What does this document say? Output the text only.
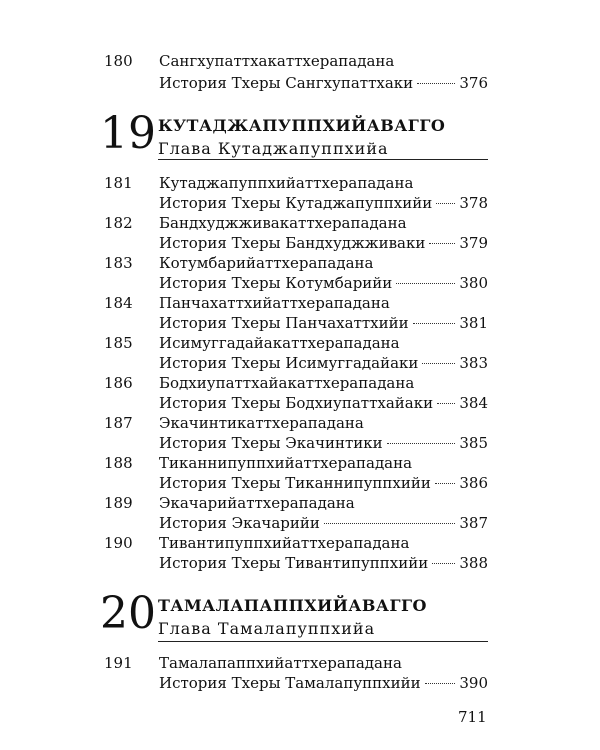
180 Сангхупаттхакаттхерападана
История Тхеры Сангхупаттхаки	376
19 КУТАДЖАПУППХИЙАВАГГО
Глава Кутаджапуппхийа
181 Кутаджапуппхийаттхерападана
История Тхеры Кутаджапуппхийи 378
182 Бандхуджживакаттхерападана
История Тхеры Бандхуджживаки 379
183 Котумбарийаттхерападана
История Тхеры Котумбарийи	380
184 Панчахаттхийаттхерападана
История Тхеры Панчахаттхийи	381
185 Исимуггадайакаттхерападана
История Тхеры Исимуггадайаки	383
186 Бодхиупаттхайакаттхерападана
История Тхеры Бодхиупаттхайаки 384
187 Экачинтикаттхерападана
История Тхеры Экачинтики	385
188 Тиканнипуппхийаттхерападана
История Тхеры Тиканнипуппхийи 386
189 Экачарийаттхерападана
История Экачарийи	387
190 Тивантипуппхийаттхерападана
История Тхеры Тивантипуппхийи 388
20 ТАМАЛАПАППХИЙАВАГГО
Глава Тамалапуппхийа
191 Тамалапаппхийаттхерападана
История Тхеры Тамалапуппхийи	390
711
